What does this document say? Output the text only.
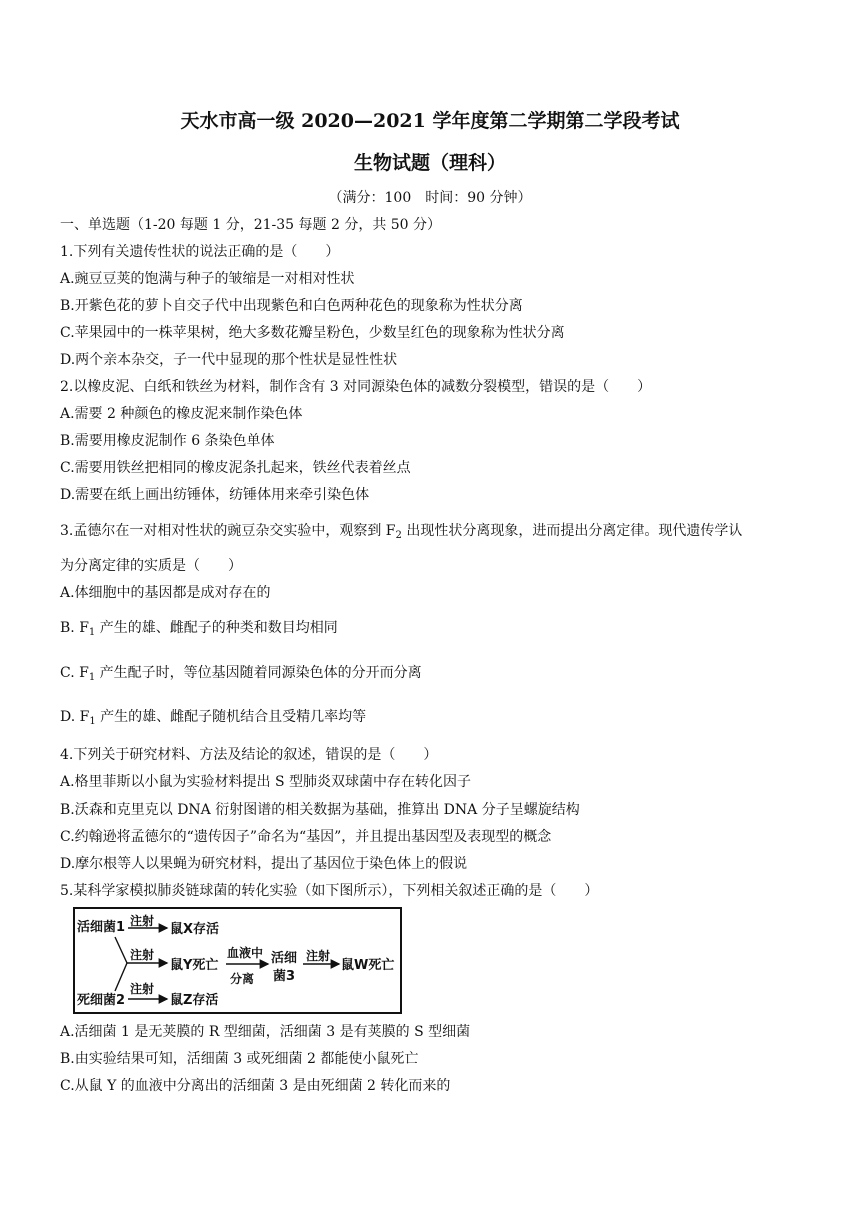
天水市高一级 2020—2021 学年度第二学期第二学段考试
生物试题（理科）
（满分：100　时间：90 分钟）
一、单选题（1-20 每题 1 分，21-35 每题 2 分，共 50 分）
1.下列有关遗传性状的说法正确的是（　　）
A.豌豆豆荚的饱满与种子的皱缩是一对相对性状
B.开紫色花的萝卜自交子代中出现紫色和白色两种花色的现象称为性状分离
C.苹果园中的一株苹果树，绝大多数花瓣呈粉色，少数呈红色的现象称为性状分离
D.两个亲本杂交，子一代中显现的那个性状是显性性状
2.以橡皮泥、白纸和铁丝为材料，制作含有 3 对同源染色体的减数分裂模型，错误的是（　　）
A.需要 2 种颜色的橡皮泥来制作染色体
B.需要用橡皮泥制作 6 条染色单体
C.需要用铁丝把相同的橡皮泥条扎起来，铁丝代表着丝点
D.需要在纸上画出纺锤体，纺锤体用来牵引染色体
3.孟德尔在一对相对性状的豌豆杂交实验中，观察到 $F_2$ 出现性状分离现象，进而提出分离定律。现代遗传学认
为分离定律的实质是（　　）
A.体细胞中的基因都是成对存在的
B. $F_1$ 产生的雄、雌配子的种类和数目均相同
C. $F_1$ 产生配子时，等位基因随着同源染色体的分开而分离
D. $F_1$ 产生的雄、雌配子随机结合且受精几率均等
4.下列关于研究材料、方法及结论的叙述，错误的是（　　）
A.格里菲斯以小鼠为实验材料提出 S 型肺炎双球菌中存在转化因子
B.沃森和克里克以 DNA 衍射图谱的相关数据为基础，推算出 DNA 分子呈螺旋结构
C.约翰逊将孟德尔的“遗传因子”命名为“基因”，并且提出基因型及表现型的概念
D.摩尔根等人以果蝇为研究材料，提出了基因位于染色体上的假说
5.某科学家模拟肺炎链球菌的转化实验（如下图所示），下列相关叙述正确的是（　　）
活细菌1 注射
鼠X存活
注射
鼠Y死亡
血液中
分离
活细
菌3
注射
鼠W死亡
死细菌2
注射
鼠Z存活
A.活细菌 1 是无荚膜的 R 型细菌，活细菌 3 是有荚膜的 S 型细菌
B.由实验结果可知，活细菌 3 或死细菌 2 都能使小鼠死亡
C.从鼠 Y 的血液中分离出的活细菌 3 是由死细菌 2 转化而来的
